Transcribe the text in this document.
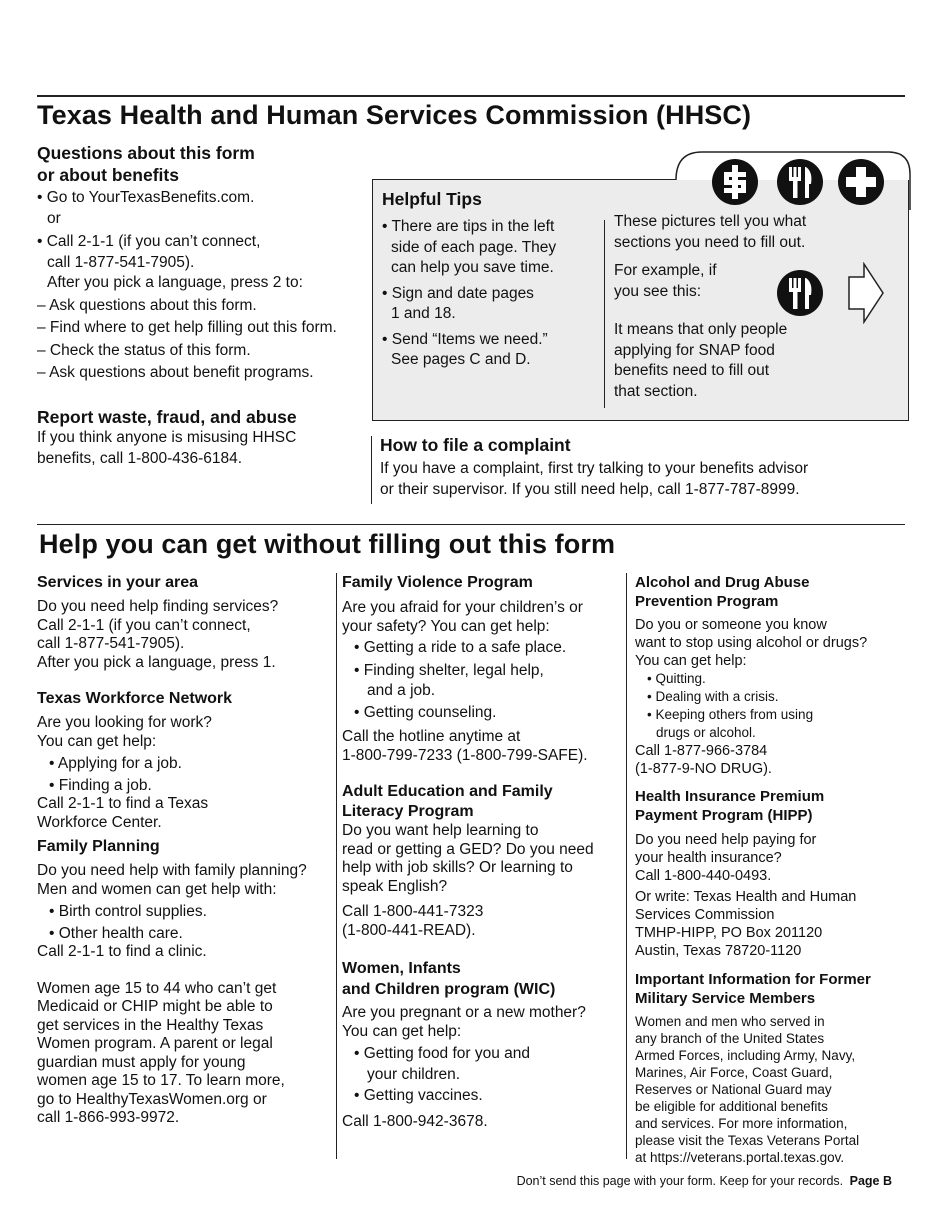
Texas Health and Human Services Commission (HHSC)
Questions about this form
or about benefits
• Go to YourTexasBenefits.com.
or
• Call 2-1-1 (if you can’t connect,
call 1-877-541-7905).
After you pick a language, press 2 to:
– Ask questions about this form.
– Find where to get help filling out this form.
– Check the status of this form.
– Ask questions about benefit programs.
Report waste, fraud, and abuse
If you think anyone is misusing HHSC
benefits, call 1-800-436-6184.
Helpful Tips
• There are tips in the left
side of each page. They
can help you save time.
• Sign and date pages
1 and 18.
• Send “Items we need.”
See pages C and D.
These pictures tell you what
sections you need to fill out.
For example, if
you see this:
It means that only people
applying for SNAP food
benefits need to fill out
that section.
How to file a complaint
If you have a complaint, first try talking to your benefits advisor
or their supervisor. If you still need help, call 1-877-787-8999.
Help you can get without filling out this form
Services in your area
Do you need help finding services?
Call 2-1-1 (if you can’t connect,
call 1-877-541-7905).
After you pick a language, press 1.
Texas Workforce Network
Are you looking for work?
You can get help:
• Applying for a job.
• Finding a job.
Call 2-1-1 to find a Texas
Workforce Center.
Family Planning
Do you need help with family planning?
Men and women can get help with:
• Birth control supplies.
• Other health care.
Call 2-1-1 to find a clinic.
Women age 15 to 44 who can’t get
Medicaid or CHIP might be able to
get services in the Healthy Texas
Women program. A parent or legal
guardian must apply for young
women age 15 to 17. To learn more,
go to HealthyTexasWomen.org or
call 1-866-993-9972.
Family Violence Program
Are you afraid for your children’s or
your safety? You can get help:
• Getting a ride to a safe place.
• Finding shelter, legal help,
and a job.
• Getting counseling.
Call the hotline anytime at
1-800-799-7233 (1-800-799-SAFE).
Adult Education and Family
Literacy Program
Do you want help learning to
read or getting a GED? Do you need
help with job skills? Or learning to
speak English?
Call 1-800-441-7323
(1-800-441-READ).
Women, Infants
and Children program (WIC)
Are you pregnant or a new mother?
You can get help:
• Getting food for you and
your children.
• Getting vaccines.
Call 1-800-942-3678.
Alcohol and Drug Abuse
Prevention Program
Do you or someone you know
want to stop using alcohol or drugs?
You can get help:
• Quitting.
• Dealing with a crisis.
• Keeping others from using
drugs or alcohol.
Call 1-877-966-3784
(1-877-9-NO DRUG).
Health Insurance Premium
Payment Program (HIPP)
Do you need help paying for
your health insurance?
Call 1-800-440-0493.
Or write: Texas Health and Human
Services Commission
TMHP-HIPP, PO Box 201120
Austin, Texas 78720-1120
Important Information for Former
Military Service Members
Women and men who served in
any branch of the United States
Armed Forces, including Army, Navy,
Marines, Air Force, Coast Guard,
Reserves or National Guard may
be eligible for additional benefits
and services. For more information,
please visit the Texas Veterans Portal
at https://veterans.portal.texas.gov.
Don’t send this page with your form. Keep for your records. Page B
